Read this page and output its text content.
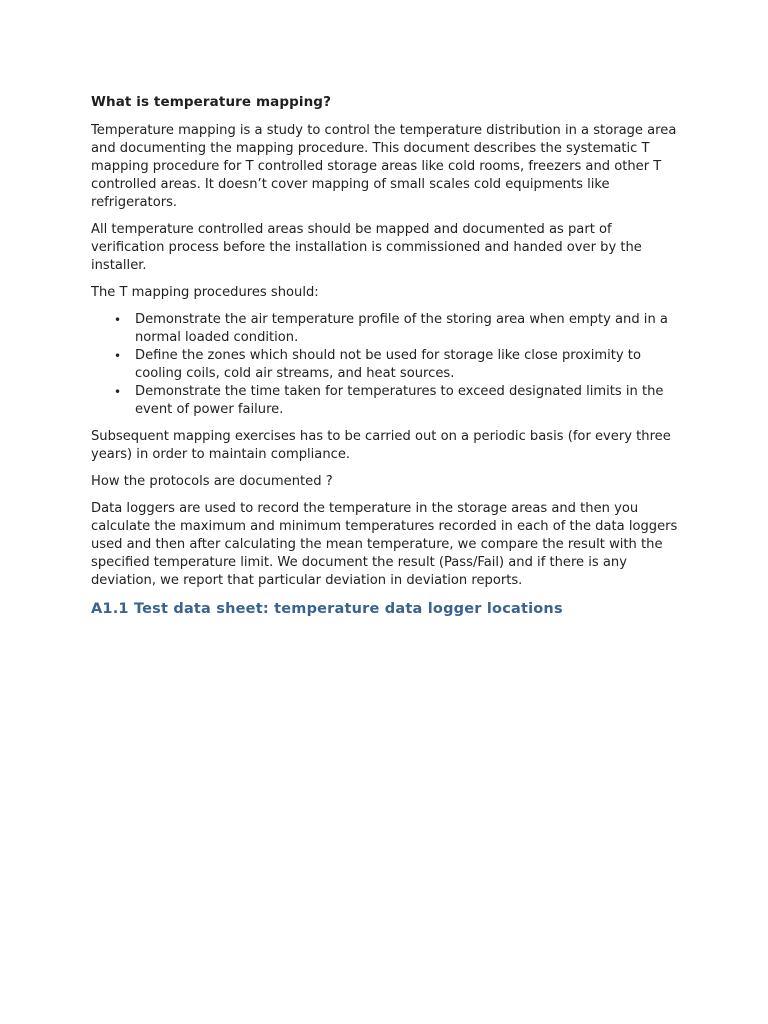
What is temperature mapping?

Temperature mapping is a study to control the temperature distribution in a storage area and documenting the mapping procedure. This document describes the systematic T mapping procedure for T controlled storage areas like cold rooms, freezers and other T controlled areas. It doesn’t cover mapping of small scales cold equipments like refrigerators.

All temperature controlled areas should be mapped and documented as part of verification process before the installation is commissioned and handed over by the installer.

The T mapping procedures should:

• Demonstrate the air temperature profile of the storing area when empty and in a normal loaded condition.
• Define the zones which should not be used for storage like close proximity to cooling coils, cold air streams, and heat sources.
• Demonstrate the time taken for temperatures to exceed designated limits in the event of power failure.

Subsequent mapping exercises has to be carried out on a periodic basis (for every three years) in order to maintain compliance.

How the protocols are documented ?

Data loggers are used to record the temperature in the storage areas and then you calculate the maximum and minimum temperatures recorded in each of the data loggers used and then after calculating the mean temperature, we compare the result with the specified temperature limit. We document the result (Pass/Fail) and if there is any deviation, we report that particular deviation in deviation reports.

A1.1 Test data sheet: temperature data logger locations
